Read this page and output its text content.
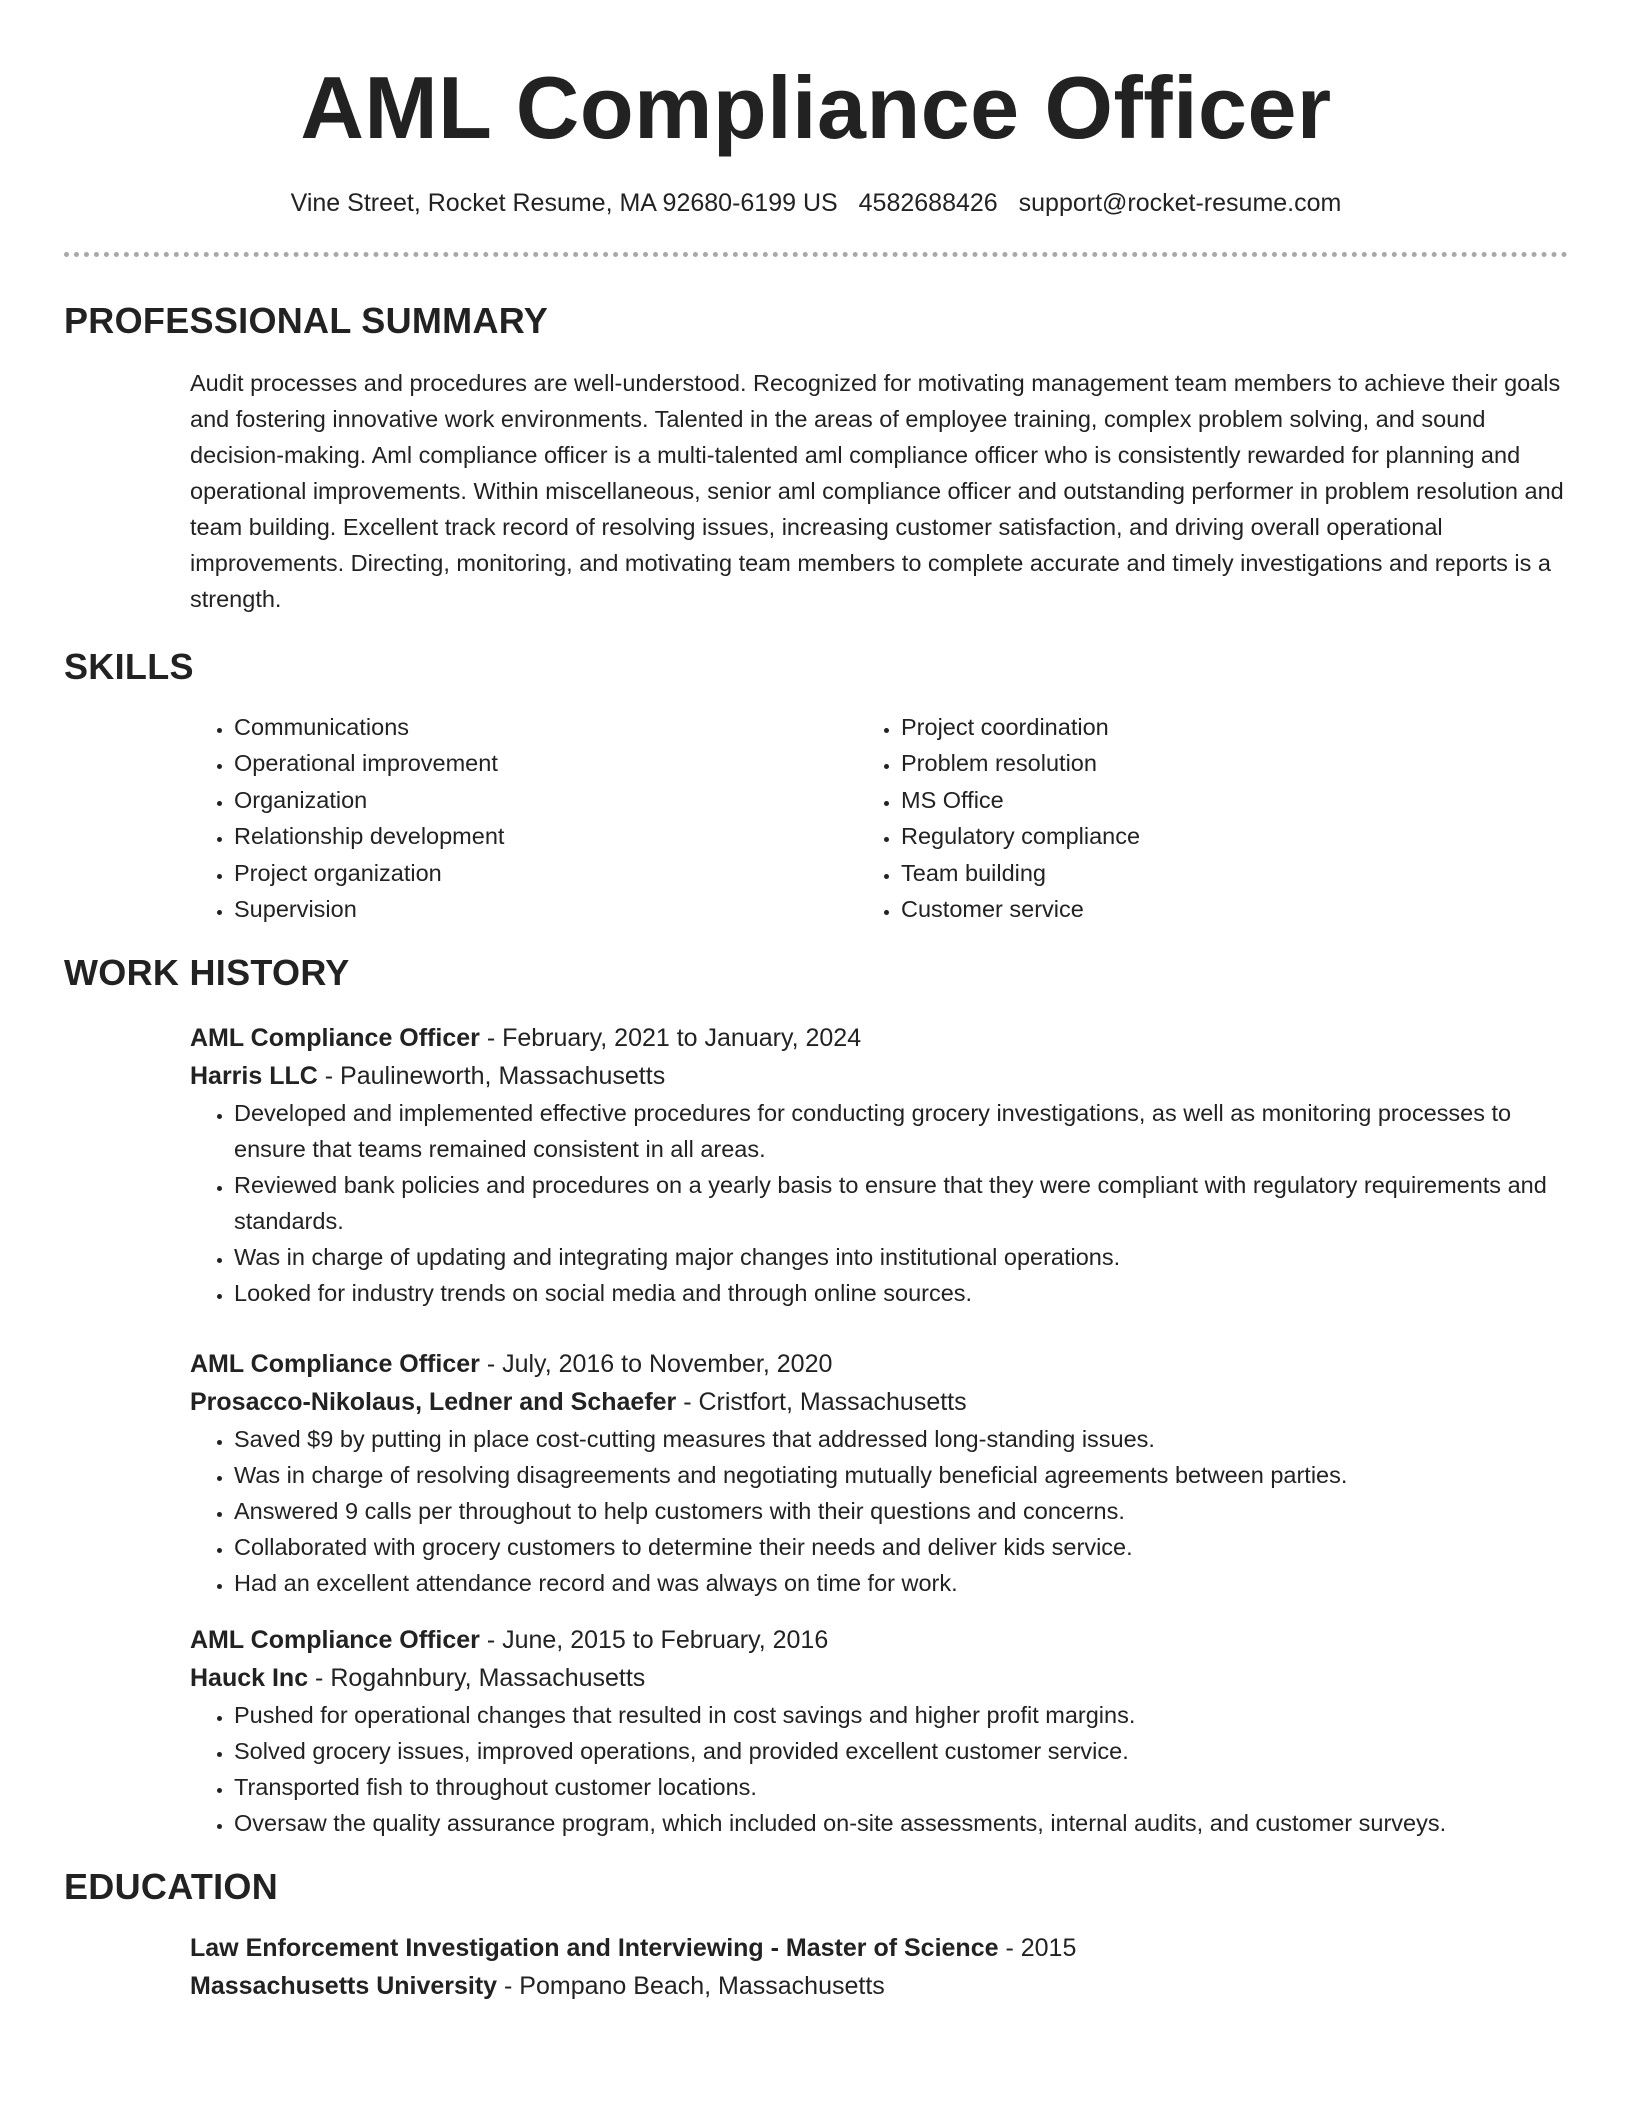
AML Compliance Officer
Vine Street, Rocket Resume, MA 92680-6199 US 4582688426 support@rocket-resume.com
PROFESSIONAL SUMMARY
Audit processes and procedures are well-understood. Recognized for motivating management team members to achieve their goals and fostering innovative work environments. Talented in the areas of employee training, complex problem solving, and sound decision-making. Aml compliance officer is a multi-talented aml compliance officer who is consistently rewarded for planning and operational improvements. Within miscellaneous, senior aml compliance officer and outstanding performer in problem resolution and team building. Excellent track record of resolving issues, increasing customer satisfaction, and driving overall operational improvements. Directing, monitoring, and motivating team members to complete accurate and timely investigations and reports is a strength.
SKILLS
• Communications
• Operational improvement
• Organization
• Relationship development
• Project organization
• Supervision
• Project coordination
• Problem resolution
• MS Office
• Regulatory compliance
• Team building
• Customer service
WORK HISTORY
AML Compliance Officer - February, 2021 to January, 2024
Harris LLC - Paulineworth, Massachusetts
• Developed and implemented effective procedures for conducting grocery investigations, as well as monitoring processes to ensure that teams remained consistent in all areas.
• Reviewed bank policies and procedures on a yearly basis to ensure that they were compliant with regulatory requirements and standards.
• Was in charge of updating and integrating major changes into institutional operations.
• Looked for industry trends on social media and through online sources.
AML Compliance Officer - July, 2016 to November, 2020
Prosacco-Nikolaus, Ledner and Schaefer - Cristfort, Massachusetts
• Saved $9 by putting in place cost-cutting measures that addressed long-standing issues.
• Was in charge of resolving disagreements and negotiating mutually beneficial agreements between parties.
• Answered 9 calls per throughout to help customers with their questions and concerns.
• Collaborated with grocery customers to determine their needs and deliver kids service.
• Had an excellent attendance record and was always on time for work.
AML Compliance Officer - June, 2015 to February, 2016
Hauck Inc - Rogahnbury, Massachusetts
• Pushed for operational changes that resulted in cost savings and higher profit margins.
• Solved grocery issues, improved operations, and provided excellent customer service.
• Transported fish to throughout customer locations.
• Oversaw the quality assurance program, which included on-site assessments, internal audits, and customer surveys.
EDUCATION
Law Enforcement Investigation and Interviewing - Master of Science - 2015
Massachusetts University - Pompano Beach, Massachusetts
